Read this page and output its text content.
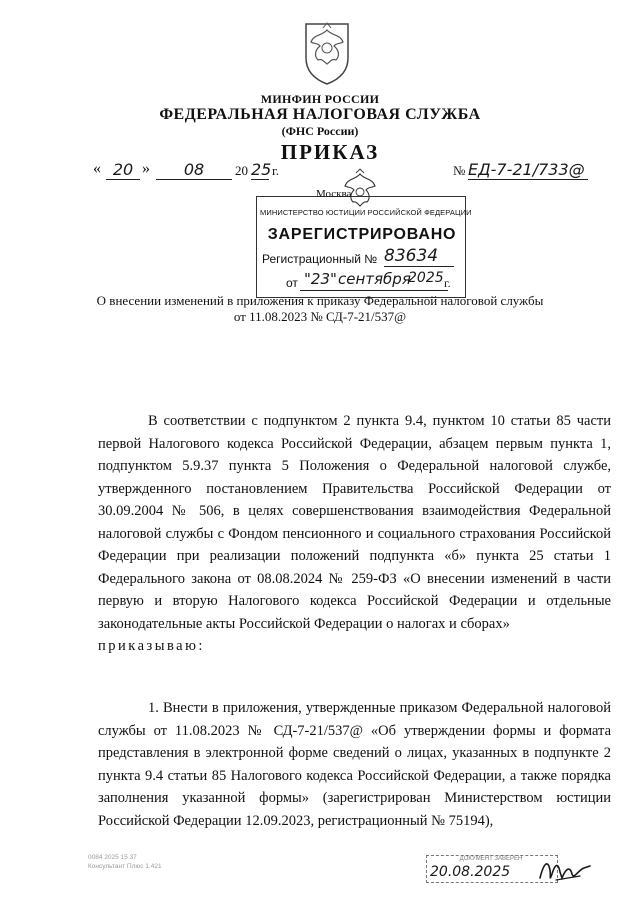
МИНФИН РОССИИ
ФЕДЕРАЛЬНАЯ НАЛОГОВАЯ СЛУЖБА
(ФНС России)
ПРИКАЗ
« 20 »	08	20 25 г.	№ ЕД-7-21/733@
Москва
МИНИСТЕРСТВО ЮСТИЦИИ РОССИЙСКОЙ ФЕДЕРАЦИИ
ЗАРЕГИСТРИРОВАНО
Регистрационный № 83634
от "23" сентября
2025 г.
О внесении изменений в приложения к приказу Федеральной налоговой службы
от 11.08.2023 № СД-7-21/537@
В соответствии с подпунктом 2 пункта 9.4, пунктом 10 статьи 85 части первой Налогового кодекса Российской Федерации, абзацем первым пункта 1, подпунктом 5.9.37 пункта 5 Положения о Федеральной налоговой службе, утвержденного постановлением Правительства Российской Федерации от 30.09.2004 № 506, в целях совершенствования взаимодействия Федеральной налоговой службы с Фондом пенсионного и социального страхования Российской Федерации при реализации положений подпункта «б» пункта 25 статьи 1 Федерального закона от 08.08.2024 № 259-ФЗ «О внесении изменений в части первую и вторую Налогового кодекса Российской Федерации и отдельные законодательные акты Российской Федерации о налогах и сборах»
приказываю:
1. Внести в приложения, утвержденные приказом Федеральной налоговой службы от 11.08.2023 № СД-7-21/537@ «Об утверждении формы и формата представления в электронной форме сведений о лицах, указанных в подпункте 2 пункта 9.4 статьи 85 Налогового кодекса Российской Федерации, а также порядка заполнения указанной формы» (зарегистрирован Министерством юстиции Российской Федерации 12.09.2023, регистрационный № 75194),
0084 2025 15 37
Консультант Плюс 1.421
ДОКУМЕНТ ЗАВЕРЕН
20.08.2025
